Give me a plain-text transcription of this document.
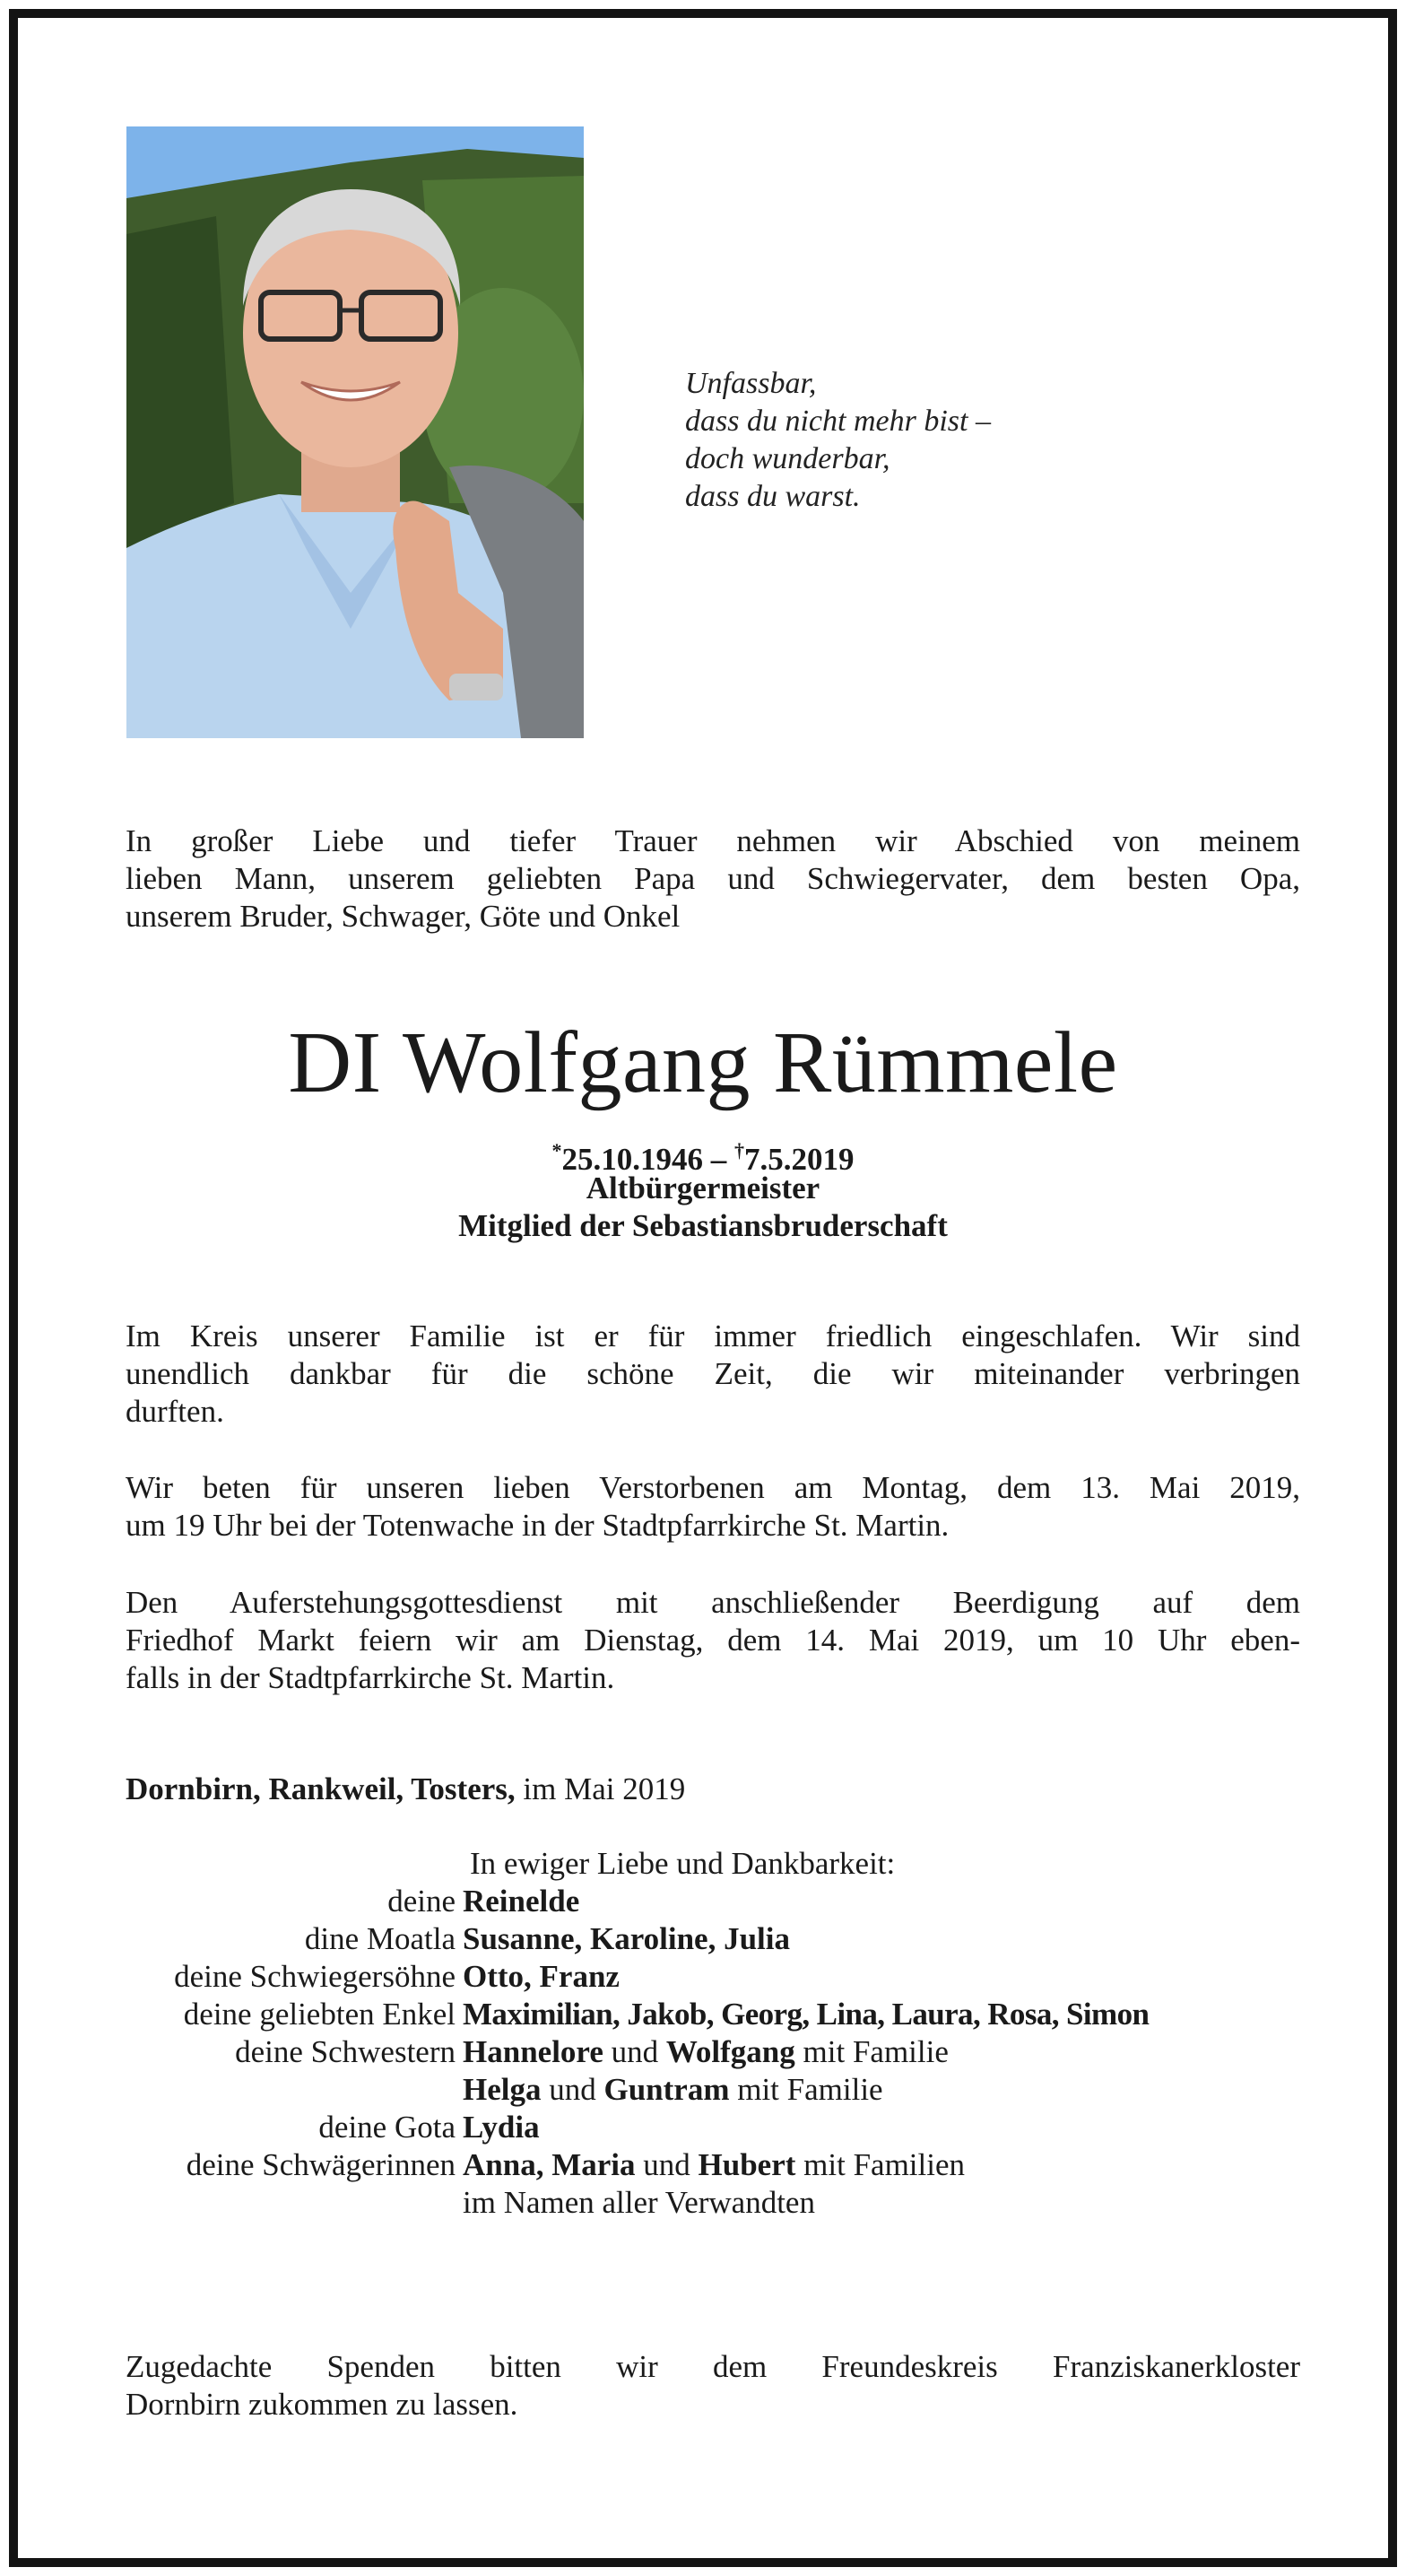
Unfassbar,
dass du nicht mehr bist –
doch wunderbar,
dass du warst.
In großer Liebe und tiefer Trauer nehmen wir Abschied von meinem
lieben Mann, unserem geliebten Papa und Schwiegervater, dem besten Opa,
unserem Bruder, Schwager, Göte und Onkel
DI Wolfgang Rümmele
*25.10.1946 – †7.5.2019
Altbürgermeister
Mitglied der Sebastiansbruderschaft
Im Kreis unserer Familie ist er für immer friedlich eingeschlafen. Wir sind
unendlich dankbar für die schöne Zeit, die wir miteinander verbringen
durften.
Wir beten für unseren lieben Verstorbenen am Montag, dem 13. Mai 2019,
um 19 Uhr bei der Totenwache in der Stadtpfarrkirche St. Martin.
Den Auferstehungsgottesdienst mit anschließender Beerdigung auf dem
Friedhof Markt feiern wir am Dienstag, dem 14. Mai 2019, um 10 Uhr eben-
falls in der Stadtpfarrkirche St. Martin.
Dornbirn, Rankweil, Tosters, im Mai 2019
In ewiger Liebe und Dankbarkeit:
deine Reinelde
dine Moatla Susanne, Karoline, Julia
deine Schwiegersöhne Otto, Franz
deine geliebten Enkel Maximilian, Jakob, Georg, Lina, Laura, Rosa, Simon
deine Schwestern Hannelore und Wolfgang mit Familie
Helga und Guntram mit Familie
deine Gota Lydia
deine Schwägerinnen Anna, Maria und Hubert mit Familien
im Namen aller Verwandten
Zugedachte Spenden bitten wir dem Freundeskreis Franziskanerkloster
Dornbirn zukommen zu lassen.
